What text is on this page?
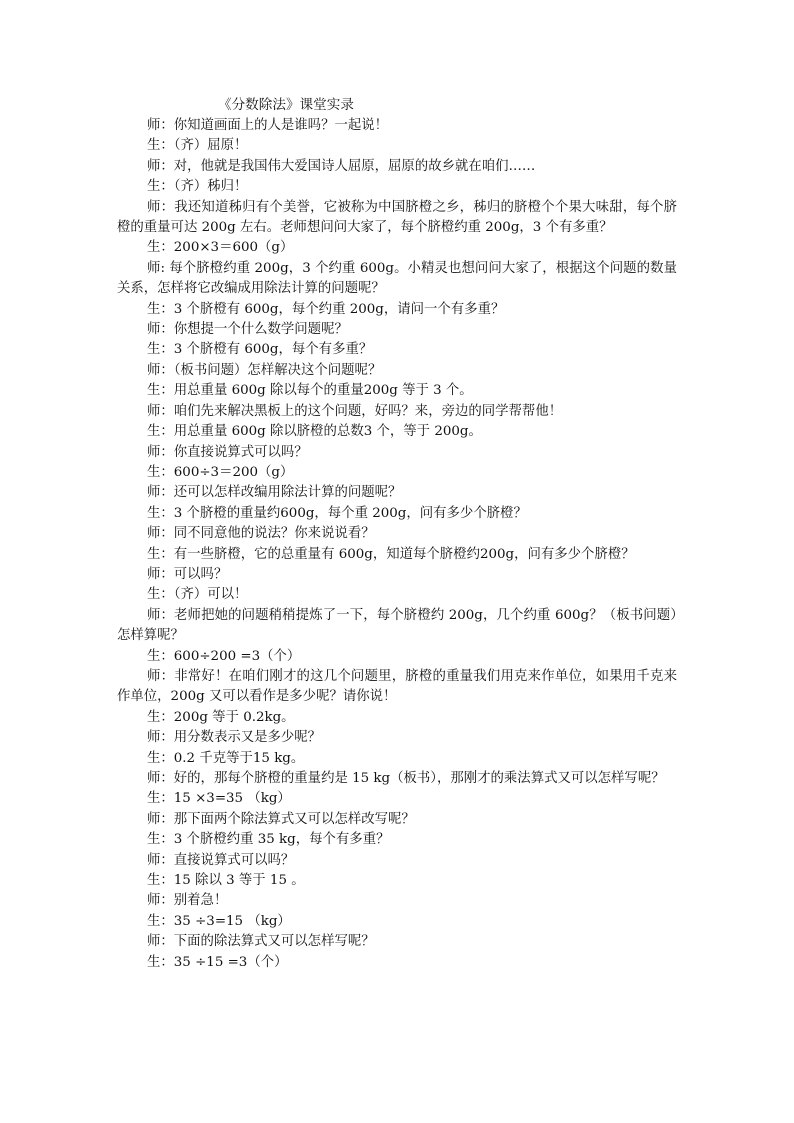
《分数除法》课堂实录

师：你知道画面上的人是谁吗？一起说！

生：（齐）屈原！

师：对，他就是我国伟大爱国诗人屈原，屈原的故乡就在咱们……

生：（齐）秭归！

师：我还知道秭归有个美誉，它被称为中国脐橙之乡，秭归的脐橙个个果大味甜，每个脐橙的重量可达 200g 左右。老师想问问大家了，每个脐橙约重 200g，3 个有多重？

生：200×3＝600（g）

师: 每个脐橙约重 200g，3 个约重 600g。小精灵也想问问大家了，根据这个问题的数量关系，怎样将它改编成用除法计算的问题呢？

生：3 个脐橙有 600g，每个约重 200g，请问一个有多重？

师：你想提一个什么数学问题呢？

生：3 个脐橙有 600g，每个有多重？

师：（板书问题）怎样解决这个问题呢？

生：用总重量 600g 除以每个的重量200g 等于 3 个。

师：咱们先来解决黑板上的这个问题，好吗？来，旁边的同学帮帮他！

生：用总重量 600g 除以脐橙的总数3 个，等于 200g。

师：你直接说算式可以吗？

生：600÷3＝200（g）

师：还可以怎样改编用除法计算的问题呢？

生：3 个脐橙的重量约600g，每个重 200g，问有多少个脐橙？

师：同不同意他的说法？你来说说看？

生：有一些脐橙，它的总重量有 600g，知道每个脐橙约200g，问有多少个脐橙？

师：可以吗？

生：（齐）可以！

师：老师把她的问题稍稍提炼了一下，每个脐橙约 200g，几个约重 600g？（板书问题）怎样算呢？

生：600÷200 =3（个）

师：非常好！在咱们刚才的这几个问题里，脐橙的重量我们用克来作单位，如果用千克来作单位，200g 又可以看作是多少呢？请你说！

生：200g 等于 0.2kg。

师：用分数表示又是多少呢？

生：0.2 千克等于15 kg。

师：好的，那每个脐橙的重量约是 15 kg（板书），那刚才的乘法算式又可以怎样写呢？

生：15 ×3=35 （kg）

师：那下面两个除法算式又可以怎样改写呢？

生：3 个脐橙约重 35 kg，每个有多重？

师：直接说算式可以吗？

生：15 除以 3 等于 15 。

师：别着急！

生：35 ÷3=15 （kg）

师：下面的除法算式又可以怎样写呢？

生：35 ÷15 =3（个）
